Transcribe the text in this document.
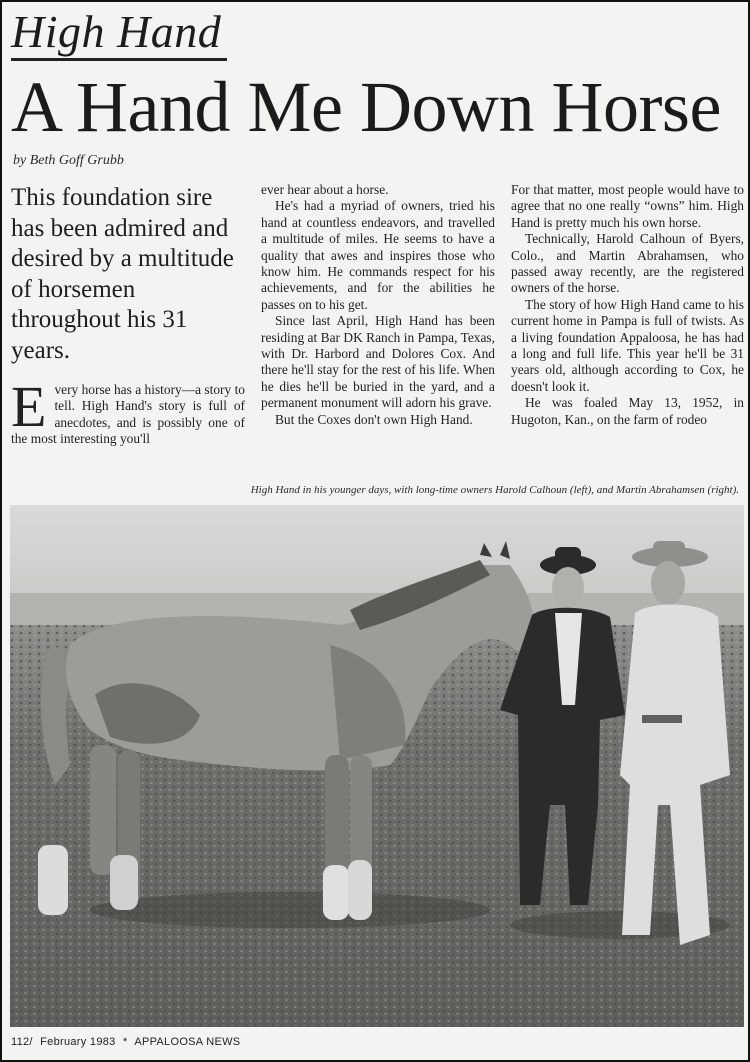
High Hand
A Hand Me Down Horse
by Beth Goff Grubb
This foundation sire has been admired and desired by a multitude of horsemen throughout his 31 years.
E very horse has a history—a story to tell. High Hand's story is full of anecdotes, and is possibly one of the most interesting you'll

ever hear about a horse.

He's had a myriad of owners, tried his hand at countless endeavors, and travelled a multitude of miles. He seems to have a quality that awes and inspires those who know him. He commands respect for his achievements, and for the abilities he passes on to his get.

Since last April, High Hand has been residing at Bar DK Ranch in Pampa, Texas, with Dr. Harbord and Dolores Cox. And there he'll stay for the rest of his life. When he dies he'll be buried in the yard, and a permanent monument will adorn his grave.

But the Coxes don't own High Hand.

For that matter, most people would have to agree that no one really “owns” him. High Hand is pretty much his own horse.

Technically, Harold Calhoun of Byers, Colo., and Martin Abrahamsen, who passed away recently, are the registered owners of the horse.

The story of how High Hand came to his current home in Pampa is full of twists. As a living foundation Appaloosa, he has had a long and full life. This year he'll be 31 years old, although according to Cox, he doesn't look it.

He was foaled May 13, 1952, in Hugoton, Kan., on the farm of rodeo

High Hand in his younger days, with long-time owners Harold Calhoun (left), and Martin Abrahamsen (right).
112/ February 1983 * APPALOOSA NEWS
